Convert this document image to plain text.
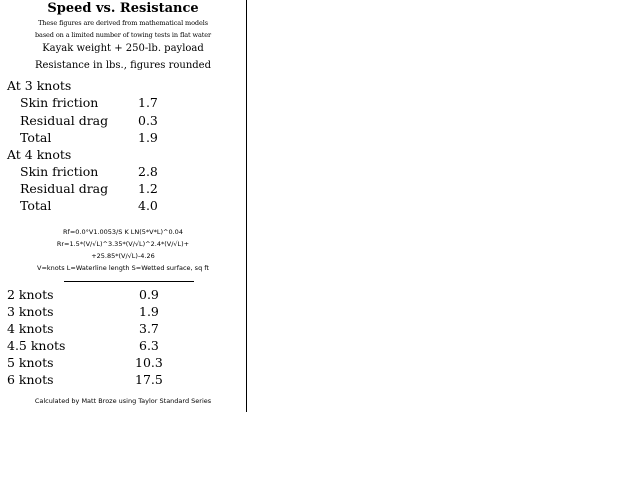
Speed vs. Resistance
These figures are derived from mathematical models
based on a limited number of towing tests in flat water
Kayak weight + 250-lb. payload
Resistance in lbs., figures rounded
At 3 knots
Skin friction	1.7
Residual drag 0.3
Total	1.9
At 4 knots
Skin friction	2.8
Residual drag 1.2
Total	4.0
Rf=0.0°V1.0053/S K LN(5*V*L)^0.04
Rr=1.5*(V/√L)^3.35*(V/√L)^2.4*(V/√L)+
+25.85*(V/√L)-4.26
V=knots L=Waterline length S=Wetted surface, sq ft
2 knots	0.9
3 knots	1.9
4 knots	3.7
4.5 knots	6.3
5 knots	10.3
6 knots	17.5
Calculated by Matt Broze using Taylor Standard Series
